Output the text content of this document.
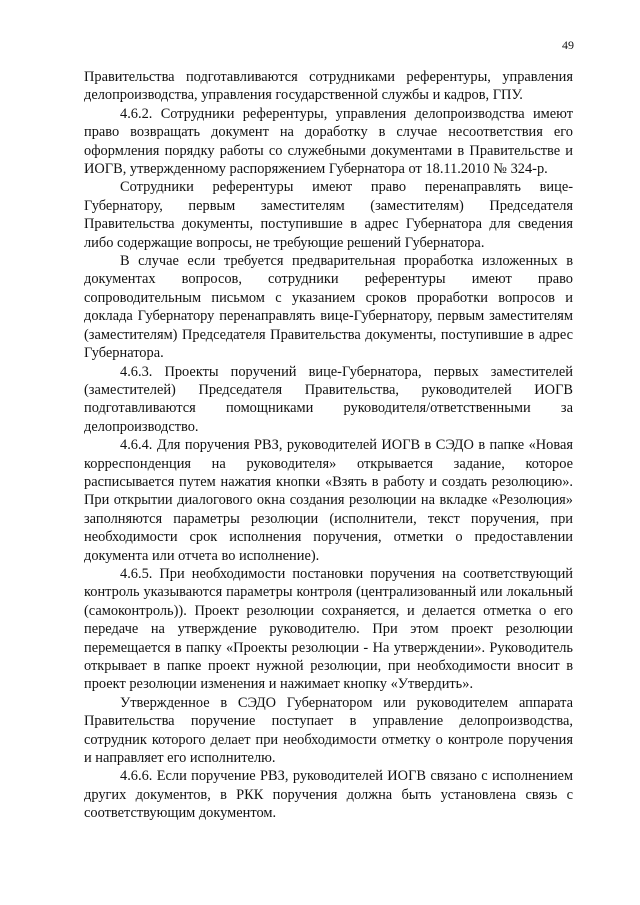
49

Правительства подготавливаются сотрудниками референтуры, управления делопроизводства, управления государственной службы и кадров, ГПУ.

4.6.2. Сотрудники референтуры, управления делопроизводства имеют право возвращать документ на доработку в случае несоответствия его оформления порядку работы со служебными документами в Правительстве и ИОГВ, утвержденному распоряжением Губернатора от 18.11.2010 № 324-р.

Сотрудники референтуры имеют право перенаправлять вице-Губернатору, первым заместителям (заместителям) Председателя Правительства документы, поступившие в адрес Губернатора для сведения либо содержащие вопросы, не требующие решений Губернатора.

В случае если требуется предварительная проработка изложенных в документах вопросов, сотрудники референтуры имеют право сопроводительным письмом с указанием сроков проработки вопросов и доклада Губернатору перенаправлять вице-Губернатору, первым заместителям (заместителям) Председателя Правительства документы, поступившие в адрес Губернатора.

4.6.3. Проекты поручений вице-Губернатора, первых заместителей (заместителей) Председателя Правительства, руководителей ИОГВ подготавливаются помощниками руководителя/ответственными за делопроизводство.

4.6.4. Для поручения РВЗ, руководителей ИОГВ в СЭДО в папке «Новая корреспонденция на руководителя» открывается задание, которое расписывается путем нажатия кнопки «Взять в работу и создать резолюцию». При открытии диалогового окна создания резолюции на вкладке «Резолюция» заполняются параметры резолюции (исполнители, текст поручения, при необходимости срок исполнения поручения, отметки о предоставлении документа или отчета во исполнение).

4.6.5. При необходимости постановки поручения на соответствующий контроль указываются параметры контроля (централизованный или локальный (самоконтроль)). Проект резолюции сохраняется, и делается отметка о его передаче на утверждение руководителю. При этом проект резолюции перемещается в папку «Проекты резолюции - На утверждении». Руководитель открывает в папке проект нужной резолюции, при необходимости вносит в проект резолюции изменения и нажимает кнопку «Утвердить».

Утвержденное в СЭДО Губернатором или руководителем аппарата Правительства поручение поступает в управление делопроизводства, сотрудник которого делает при необходимости отметку о контроле поручения и направляет его исполнителю.

4.6.6. Если поручение РВЗ, руководителей ИОГВ связано с исполнением других документов, в РКК поручения должна быть установлена связь с соответствующим документом.
